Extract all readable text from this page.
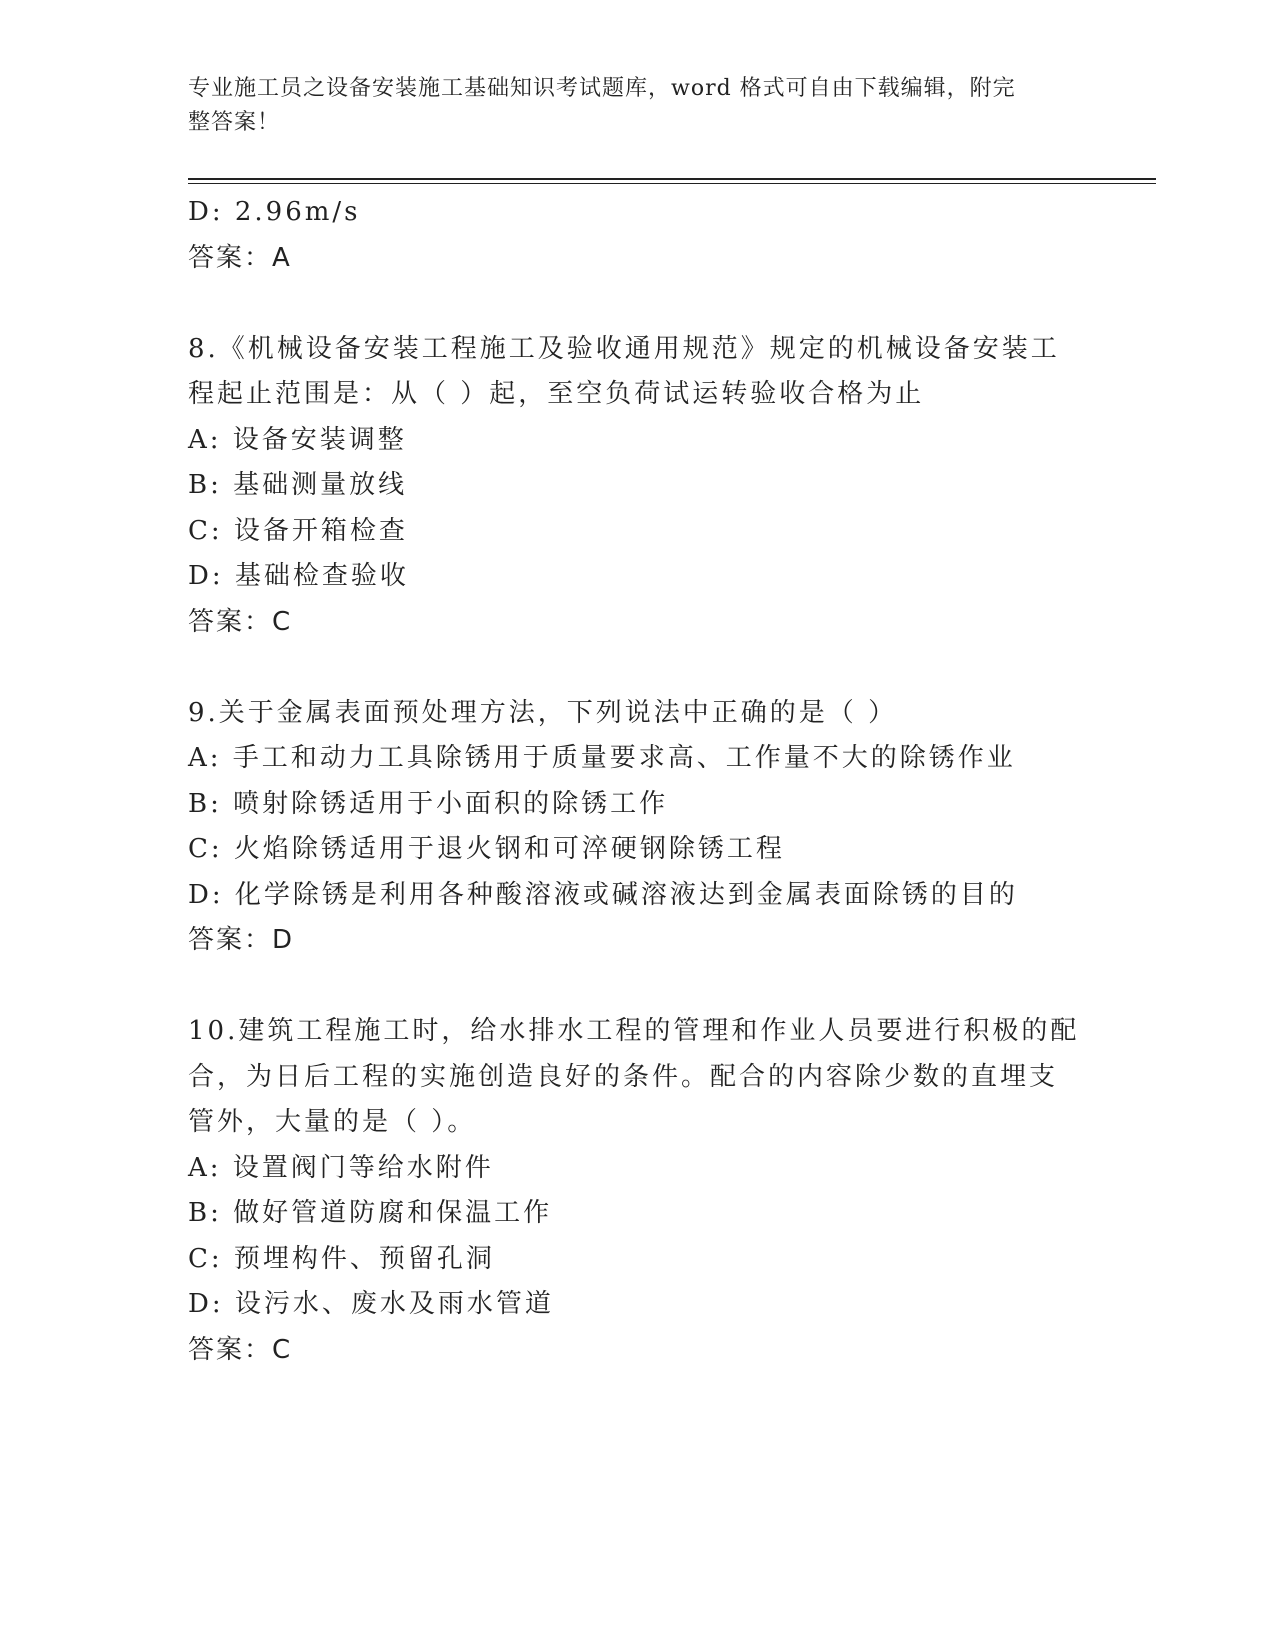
专业施工员之设备安装施工基础知识考试题库，word 格式可自由下载编辑，附完
整答案！
D: 2.96m/s
答案：A
8.《机械设备安装工程施工及验收通用规范》规定的机械设备安装工
程起止范围是：从（ ）起，至空负荷试运转验收合格为止
A: 设备安装调整
B: 基础测量放线
C: 设备开箱检查
D: 基础检查验收
答案：C
9.关于金属表面预处理方法，下列说法中正确的是（ ）
A: 手工和动力工具除锈用于质量要求高、工作量不大的除锈作业
B: 喷射除锈适用于小面积的除锈工作
C: 火焰除锈适用于退火钢和可淬硬钢除锈工程
D: 化学除锈是利用各种酸溶液或碱溶液达到金属表面除锈的目的
答案：D
10.建筑工程施工时，给水排水工程的管理和作业人员要进行积极的配
合，为日后工程的实施创造良好的条件。配合的内容除少数的直埋支
管外，大量的是（ ）。
A: 设置阀门等给水附件
B: 做好管道防腐和保温工作
C: 预埋构件、预留孔洞
D: 设污水、废水及雨水管道
答案：C
